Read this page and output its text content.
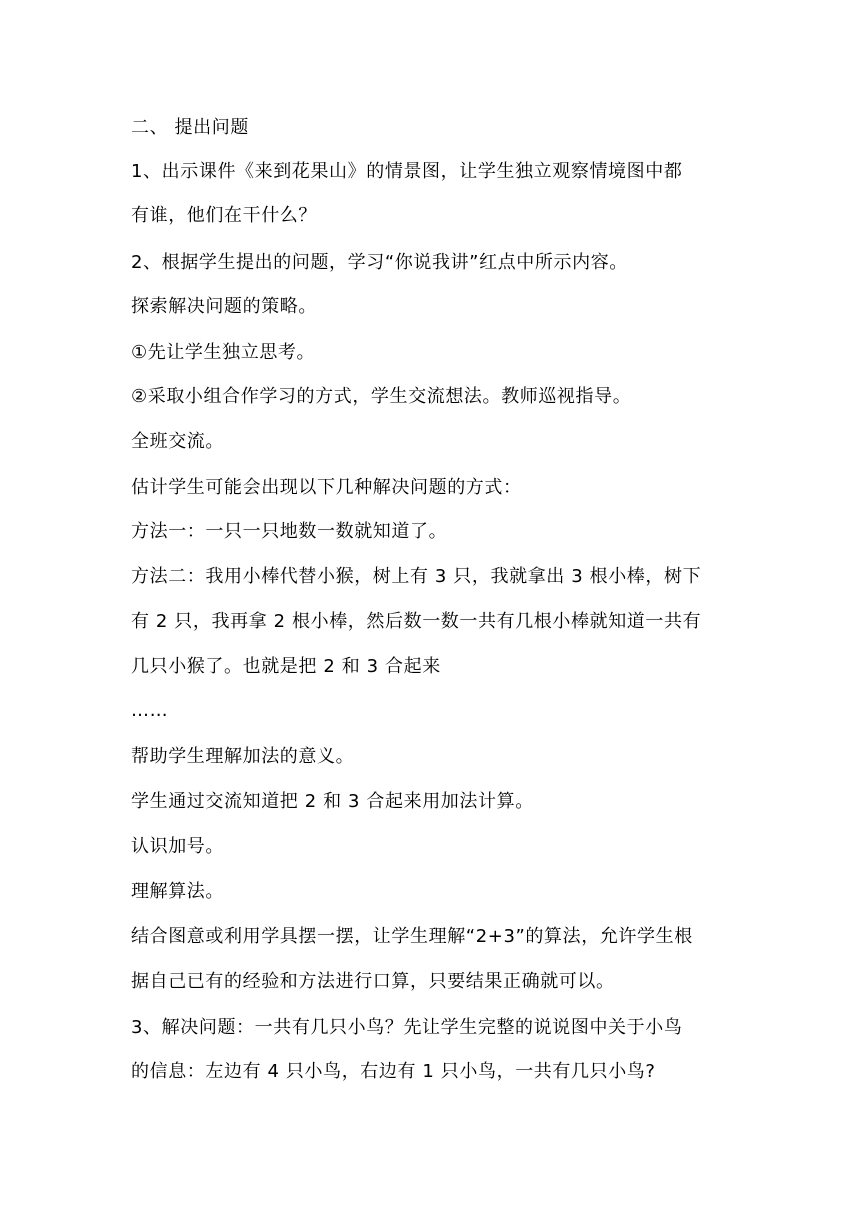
二、 提出问题
1、出示课件《来到花果山》的情景图，让学生独立观察情境图中都
有谁，他们在干什么？
2、根据学生提出的问题，学习“你说我讲”红点中所示内容。
探索解决问题的策略。
①先让学生独立思考。
②采取小组合作学习的方式，学生交流想法。教师巡视指导。
全班交流。
估计学生可能会出现以下几种解决问题的方式：
方法一：一只一只地数一数就知道了。
方法二：我用小棒代替小猴，树上有 3 只，我就拿出 3 根小棒，树下
有 2 只，我再拿 2 根小棒，然后数一数一共有几根小棒就知道一共有
几只小猴了。也就是把 2 和 3 合起来
……
帮助学生理解加法的意义。
学生通过交流知道把 2 和 3 合起来用加法计算。
认识加号。
理解算法。
结合图意或利用学具摆一摆，让学生理解“2+3”的算法，允许学生根
据自己已有的经验和方法进行口算，只要结果正确就可以。
3、解决问题：一共有几只小鸟？先让学生完整的说说图中关于小鸟
的信息：左边有 4 只小鸟，右边有 1 只小鸟，一共有几只小鸟?
